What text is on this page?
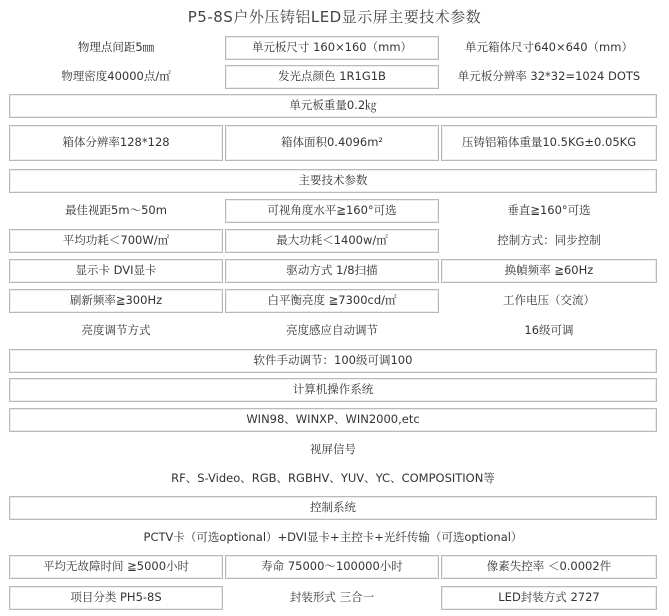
P5-8S户外压铸铝LED显示屏主要技术参数
物理点间距5㎜	单元板尺寸 160×160（mm）	单元箱体尺寸640×640（mm）
物理密度40000点/㎡	发光点颜色 1R1G1B	单元板分辨率 32*32=1024 DOTS
单元板重量0.2㎏
箱体分辨率128*128	箱体面积0.4096m²	压铸铝箱体重量10.5KG±0.05KG
主要技术参数
最佳视距5m～50m	可视角度水平≧160°可选	垂直≧160°可选
平均功耗＜700W/㎡	最大功耗＜1400w/㎡	控制方式：同步控制
显示卡 DVI显卡	驱动方式 1/8扫描	换幀频率 ≧60Hz
刷新频率≧300Hz	白平衡亮度 ≧7300cd/㎡	工作电压（交流）
亮度调节方式	亮度感应自动调节	16级可调
软件手动调节：100级可调100
计算机操作系统
WIN98、WINXP、WIN2000,etc
视屏信号
RF、S-Video、RGB、RGBHV、YUV、YC、COMPOSITION等
控制系统
PCTV卡（可选optional）+DVI显卡+主控卡+光纤传输（可选optional）
平均无故障时间 ≧5000小时	寿命 75000～100000小时	像素失控率 ＜0.0002件
项目分类 PH5-8S	封装形式 三合一	LED封装方式 2727
